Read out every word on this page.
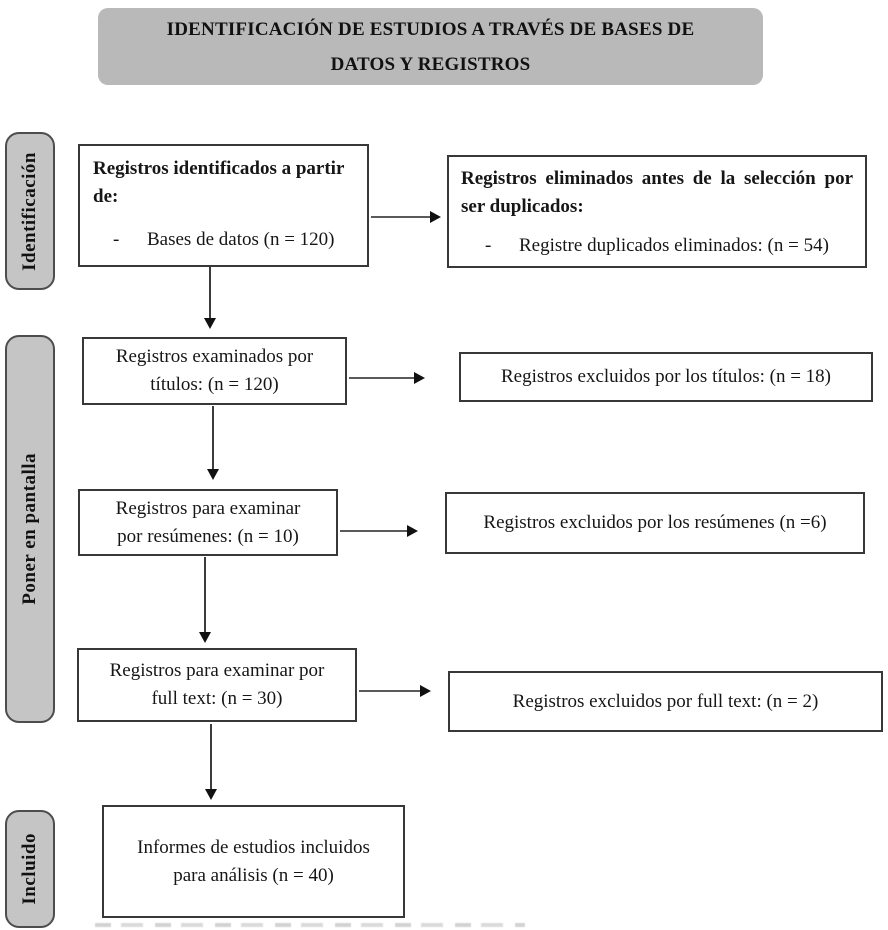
IDENTIFICACIÓN DE ESTUDIOS A TRAVÉS DE BASES DE
DATOS Y REGISTROS
Identificación
Poner en pantalla
Incluido
Registros identificados a partir de:
-	Bases de datos (n = 120)
Registros eliminados antes de la selección por ser duplicados:
-	Registre duplicados eliminados: (n = 54)
Registros examinados por
títulos: (n = 120)	Registros excluidos por los títulos: (n = 18)
Registros para examinar
por resúmenes: (n = 10)
Registros excluidos por los resúmenes (n =6)
Registros para examinar por
full text: (n = 30)	Registros excluidos por full text: (n = 2)
Informes de estudios incluidos
para análisis (n = 40)
